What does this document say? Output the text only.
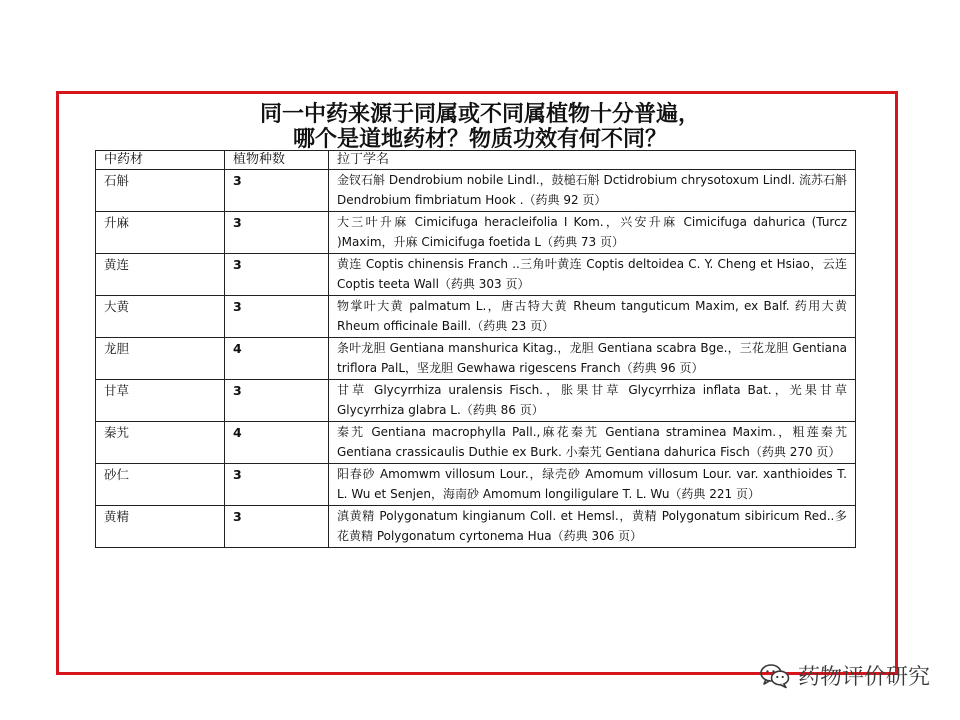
同一中药来源于同属或不同属植物十分普遍，
哪个是道地药材？物质功效有何不同？
中药材	植物种数	拉丁学名
石斛	3	金钗石斛 Dendrobium nobile Lindl.，鼓槌石斛 Dctidrobium chrysotoxum Lindl. 流苏石斛 Dendrobium fimbriatum Hook .（药典 92 页）
升麻	3	大三叶升麻 Cimicifuga heracleifolia I Kom.，兴安升麻 Cimicifuga dahurica (Turcz )Maxim，升麻 Cimicifuga foetida L（药典 73 页）
黄连	3	黄连 Coptis chinensis Franch ..三角叶黄连 Coptis deltoidea C. Y. Cheng et Hsiao，云连 Coptis teeta Wall（药典 303 页）
大黄	3	物掌叶大黄 palmatum L.，唐古特大黄 Rheum tanguticum Maxim, ex Balf. 药用大黄 Rheum officinale Baill.（药典 23 页）
龙胆	4	条叶龙胆 Gentiana manshurica Kitag.，龙胆 Gentiana scabra Bge.，三花龙胆 Gentiana triflora PalL，坚龙胆 Gewhawa rigescens Franch（药典 96 页）
甘草	3	甘草 Glycyrrhiza uralensis Fisch.，胀果甘草 Glycyrrhiza inflata Bat.，光果甘草 Glycyrrhiza glabra L.（药典 86 页）
秦艽	4	秦艽 Gentiana macrophylla Pall.,麻花秦艽 Gentiana straminea Maxim.，粗莲秦艽 Gentiana crassicaulis Duthie ex Burk. 小秦艽 Gentiana dahurica Fisch（药典 270 页）
砂仁	3	阳春砂 Amomwm villosum Lour.，绿壳砂 Amomum villosum Lour. var. xanthioides T. L. Wu et Senjen，海南砂 Amomum longiligulare T. L. Wu（药典 221 页）
黄精	3	滇黄精 Polygonatum kingianum Coll. et Hemsl.，黄精 Polygonatum sibiricum Red..多花黄精 Polygonatum cyrtonema Hua（药典 306 页）
药物评价研究
